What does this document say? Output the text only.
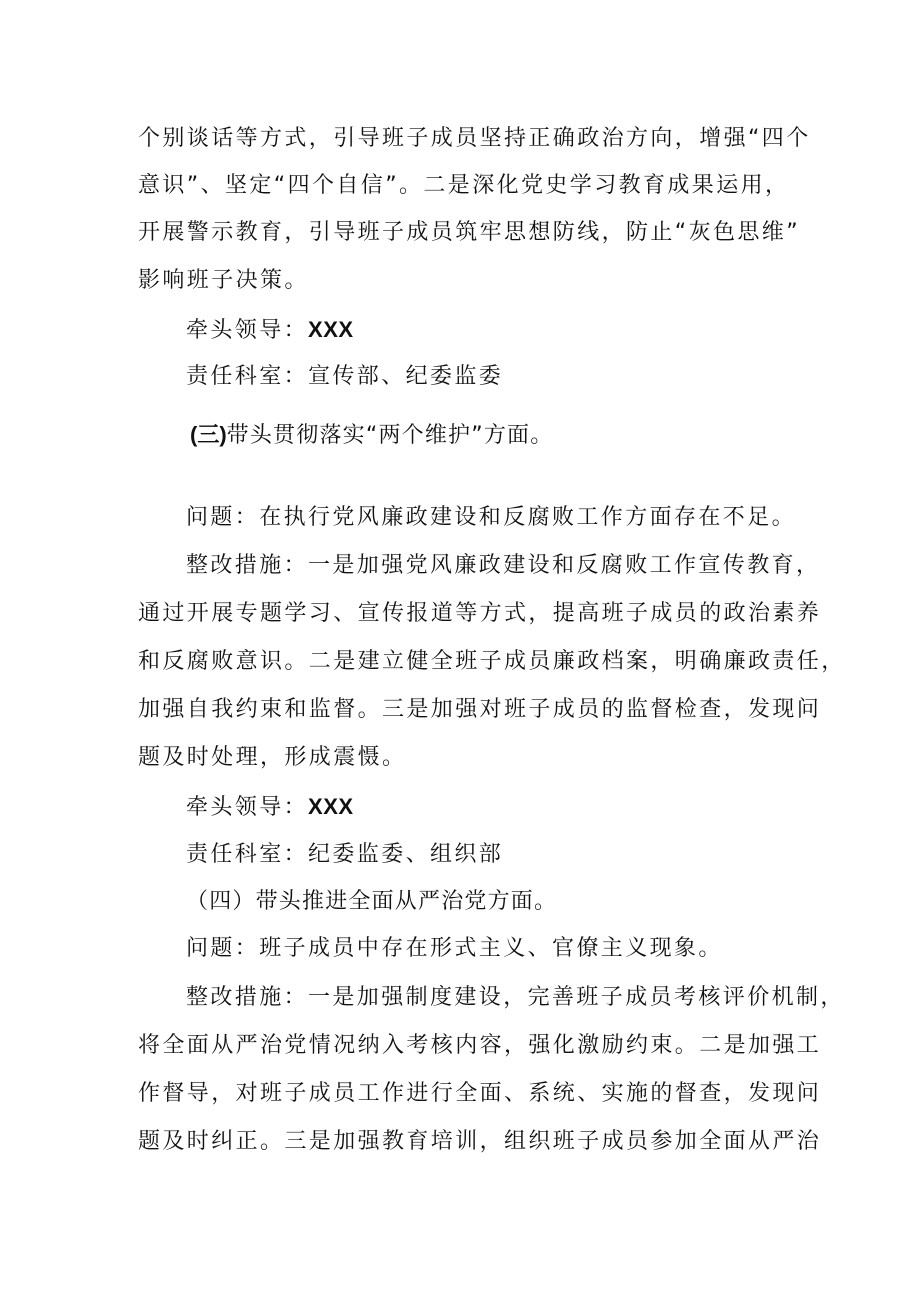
个别谈话等方式，引导班子成员坚持正确政治方向，增强“四个
意识”、坚定“四个自信”。二是深化党史学习教育成果运用，
开展警示教育，引导班子成员筑牢思想防线，防止“灰色思维”
影响班子决策。
牵头领导：XXX
责任科室：宣传部、纪委监委
(三)带头贯彻落实“两个维护”方面。
问题：在执行党风廉政建设和反腐败工作方面存在不足。
整改措施：一是加强党风廉政建设和反腐败工作宣传教育，
通过开展专题学习、宣传报道等方式，提高班子成员的政治素养
和反腐败意识。二是建立健全班子成员廉政档案，明确廉政责任，
加强自我约束和监督。三是加强对班子成员的监督检查，发现问
题及时处理，形成震慑。
牵头领导：XXX
责任科室：纪委监委、组织部
（四）带头推进全面从严治党方面。
问题：班子成员中存在形式主义、官僚主义现象。
整改措施：一是加强制度建设，完善班子成员考核评价机制，
将全面从严治党情况纳入考核内容，强化激励约束。二是加强工
作督导，对班子成员工作进行全面、系统、实施的督查，发现问
题及时纠正。三是加强教育培训，组织班子成员参加全面从严治
